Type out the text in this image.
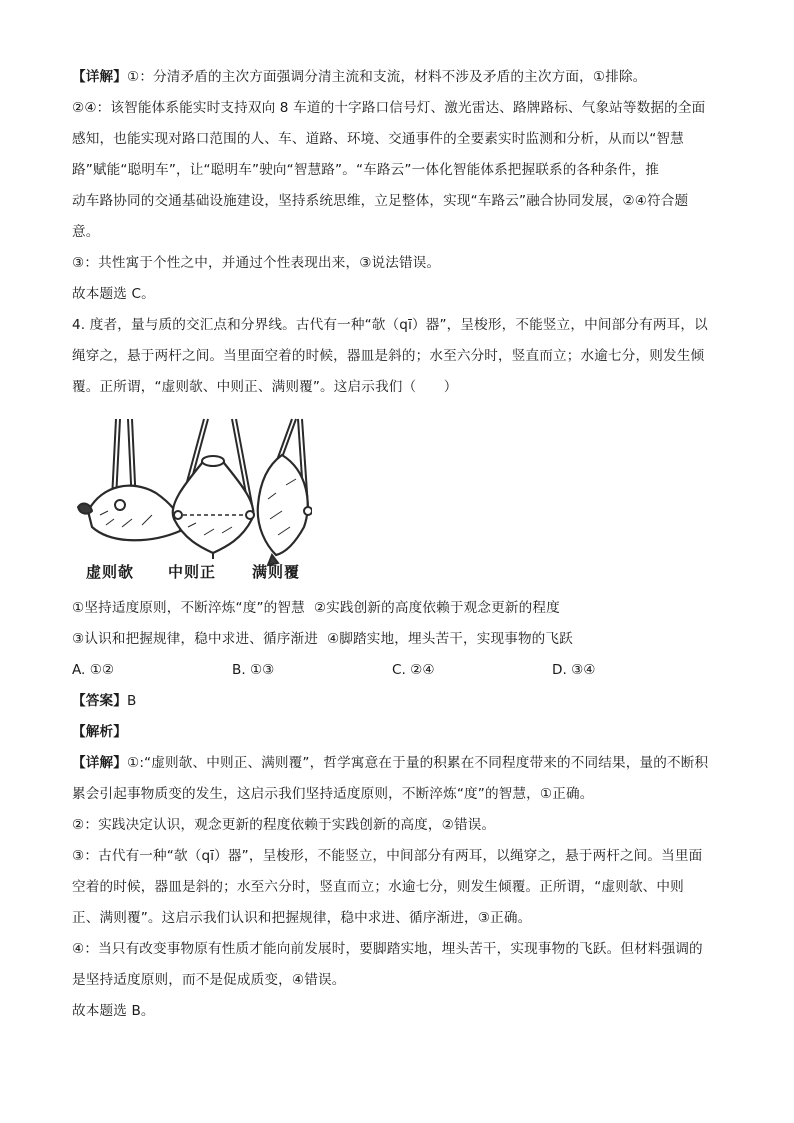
【详解】①：分清矛盾的主次方面强调分清主流和支流，材料不涉及矛盾的主次方面，①排除。

②④：该智能体系能实时支持双向 8 车道的十字路口信号灯、激光雷达、路牌路标、气象站等数据的全面

感知，也能实现对路口范围的人、车、道路、环境、交通事件的全要素实时监测和分析，从而以“智慧

路”赋能“聪明车”，让“聪明车”驶向“智慧路”。“车路云”一体化智能体系把握联系的各种条件，推

动车路协同的交通基础设施建设，坚持系统思维，立足整体，实现“车路云”融合协同发展，②④符合题

意。

③：共性寓于个性之中，并通过个性表现出来，③说法错误。

故本题选 C。

4. 度者，量与质的交汇点和分界线。古代有一种“欹（qī）器”，呈梭形，不能竖立，中间部分有两耳，以

绳穿之，悬于两杆之间。当里面空着的时候，器皿是斜的；水至六分时，竖直而立；水逾七分，则发生倾

覆。正所谓，“虚则欹、中则正、满则覆”。这启示我们（　　）

虚则欹 中则正 满则覆

①坚持适度原则，不断淬炼“度”的智慧 ②实践创新的高度依赖于观念更新的程度

③认识和把握规律，稳中求进、循序渐进 ④脚踏实地，埋头苦干，实现事物的飞跃

A. ①②	B. ①③	C. ②④	D. ③④

【答案】B

【解析】

【详解】①:“虚则欹、中则正、满则覆”，哲学寓意在于量的积累在不同程度带来的不同结果，量的不断积

累会引起事物质变的发生，这启示我们坚持适度原则，不断淬炼“度”的智慧，①正确。

②：实践决定认识，观念更新的程度依赖于实践创新的高度，②错误。

③：古代有一种“欹（qī）器”，呈梭形，不能竖立，中间部分有两耳，以绳穿之，悬于两杆之间。当里面

空着的时候，器皿是斜的；水至六分时，竖直而立；水逾七分，则发生倾覆。正所谓，“虚则欹、中则

正、满则覆”。这启示我们认识和把握规律，稳中求进、循序渐进，③正确。

④：当只有改变事物原有性质才能向前发展时，要脚踏实地，埋头苦干，实现事物的飞跃。但材料强调的

是坚持适度原则，而不是促成质变，④错误。

故本题选 B。
